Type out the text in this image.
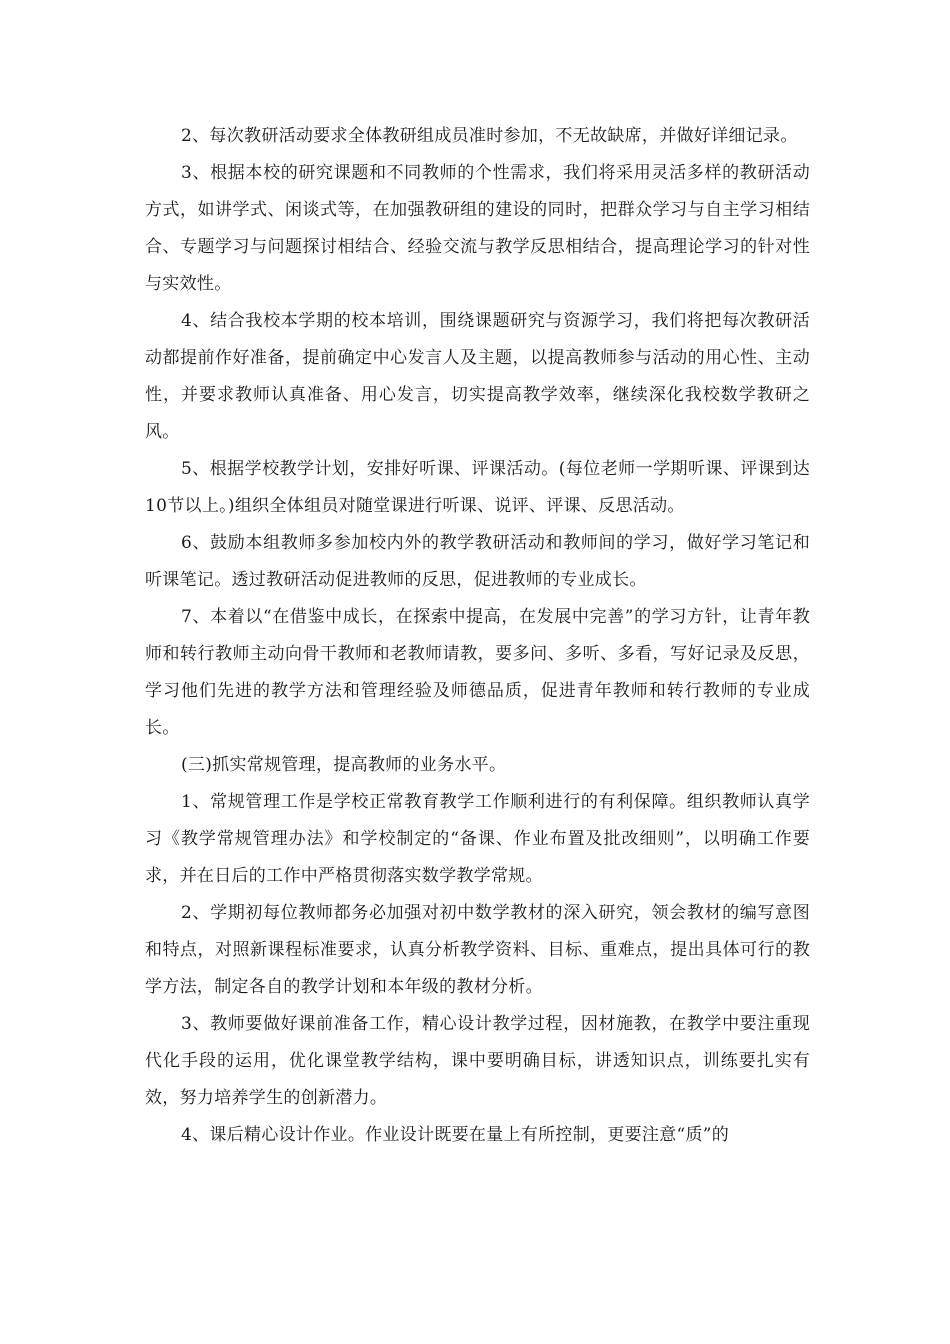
2、每次教研活动要求全体教研组成员准时参加，不无故缺席，并做好详细记录。

3、根据本校的研究课题和不同教师的个性需求，我们将采用灵活多样的教研活动方式，如讲学式、闲谈式等，在加强教研组的建设的同时，把群众学习与自主学习相结合、专题学习与问题探讨相结合、经验交流与教学反思相结合，提高理论学习的针对性与实效性。

4、结合我校本学期的校本培训，围绕课题研究与资源学习，我们将把每次教研活动都提前作好准备，提前确定中心发言人及主题，以提高教师参与活动的用心性、主动性，并要求教师认真准备、用心发言，切实提高教学效率，继续深化我校数学教研之风。

5、根据学校教学计划，安排好听课、评课活动。(每位老师一学期听课、评课到达10节以上。)组织全体组员对随堂课进行听课、说评、评课、反思活动。

6、鼓励本组教师多参加校内外的教学教研活动和教师间的学习，做好学习笔记和听课笔记。透过教研活动促进教师的反思，促进教师的专业成长。

7、本着以“在借鉴中成长，在探索中提高，在发展中完善”的学习方针，让青年教师和转行教师主动向骨干教师和老教师请教，要多问、多听、多看，写好记录及反思，学习他们先进的教学方法和管理经验及师德品质，促进青年教师和转行教师的专业成长。

(三)抓实常规管理，提高教师的业务水平。

1、常规管理工作是学校正常教育教学工作顺利进行的有利保障。组织教师认真学习《教学常规管理办法》和学校制定的“备课、作业布置及批改细则”，以明确工作要求，并在日后的工作中严格贯彻落实数学教学常规。

2、学期初每位教师都务必加强对初中数学教材的深入研究，领会教材的编写意图和特点，对照新课程标准要求，认真分析教学资料、目标、重难点，提出具体可行的教学方法，制定各自的教学计划和本年级的教材分析。

3、教师要做好课前准备工作，精心设计教学过程，因材施教，在教学中要注重现代化手段的运用，优化课堂教学结构，课中要明确目标，讲透知识点，训练要扎实有效，努力培养学生的创新潜力。

4、课后精心设计作业。作业设计既要在量上有所控制，更要注意“质”的
